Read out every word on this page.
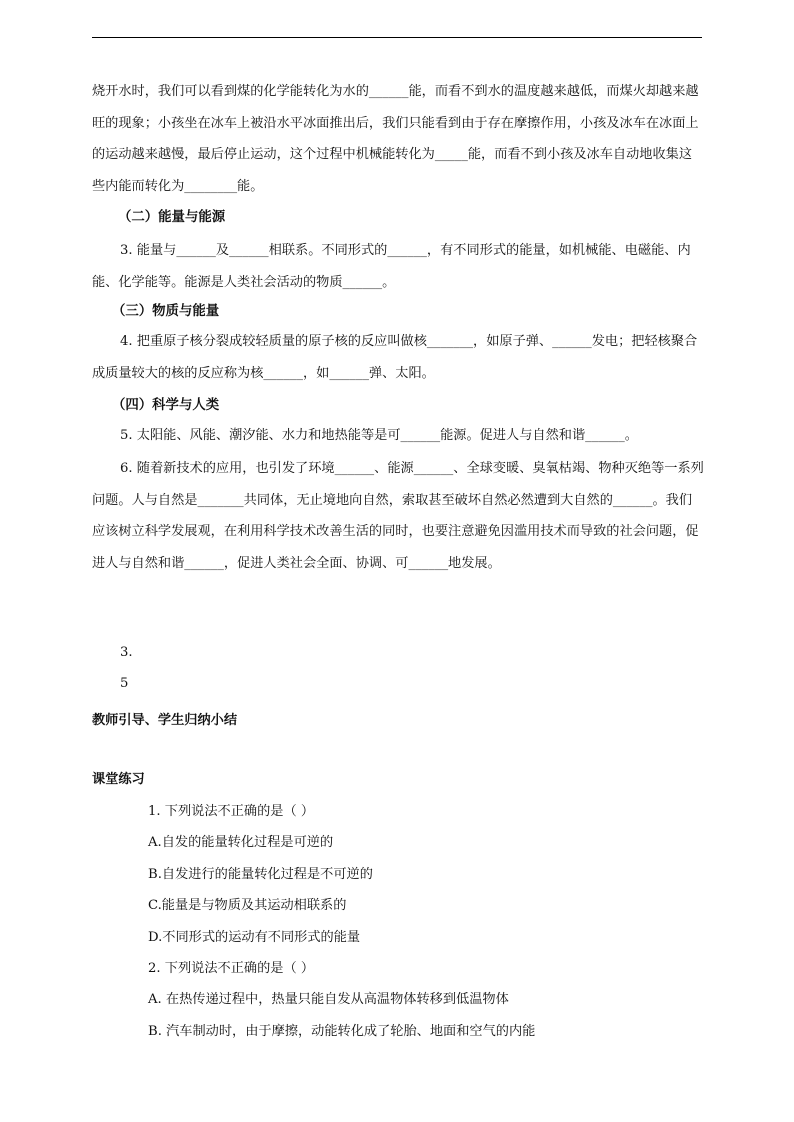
烧开水时，我们可以看到煤的化学能转化为水的______能，而看不到水的温度越来越低，而煤火却越来越旺的现象；小孩坐在冰车上被沿水平冰面推出后，我们只能看到由于存在摩擦作用，小孩及冰车在冰面上的运动越来越慢，最后停止运动，这个过程中机械能转化为_____能，而看不到小孩及冰车自动地收集这些内能而转化为________能。
（二）能量与能源
3. 能量与______及______相联系。不同形式的______，有不同形式的能量，如机械能、电磁能、内能、化学能等。能源是人类社会活动的物质______。
（三）物质与能量
4. 把重原子核分裂成较轻质量的原子核的反应叫做核_______，如原子弹、______发电；把轻核聚合成质量较大的核的反应称为核______，如______弹、太阳。
（四）科学与人类
5. 太阳能、风能、潮汐能、水力和地热能等是可______能源。促进人与自然和谐______。
6. 随着新技术的应用，也引发了环境______、能源______、全球变暖、臭氧枯竭、物种灭绝等一系列问题。人与自然是_______共同体，无止境地向自然，索取甚至破坏自然必然遭到大自然的______。我们应该树立科学发展观，在利用科学技术改善生活的同时，也要注意避免因滥用技术而导致的社会问题，促进人与自然和谐______，促进人类社会全面、协调、可______地发展。
3.
5
教师引导、学生归纳小结
课堂练习
1. 下列说法不正确的是（ ）
A.自发的能量转化过程是可逆的
B.自发进行的能量转化过程是不可逆的
C.能量是与物质及其运动相联系的
D.不同形式的运动有不同形式的能量
2. 下列说法不正确的是（ ）
A. 在热传递过程中，热量只能自发从高温物体转移到低温物体
B. 汽车制动时，由于摩擦，动能转化成了轮胎、地面和空气的内能
